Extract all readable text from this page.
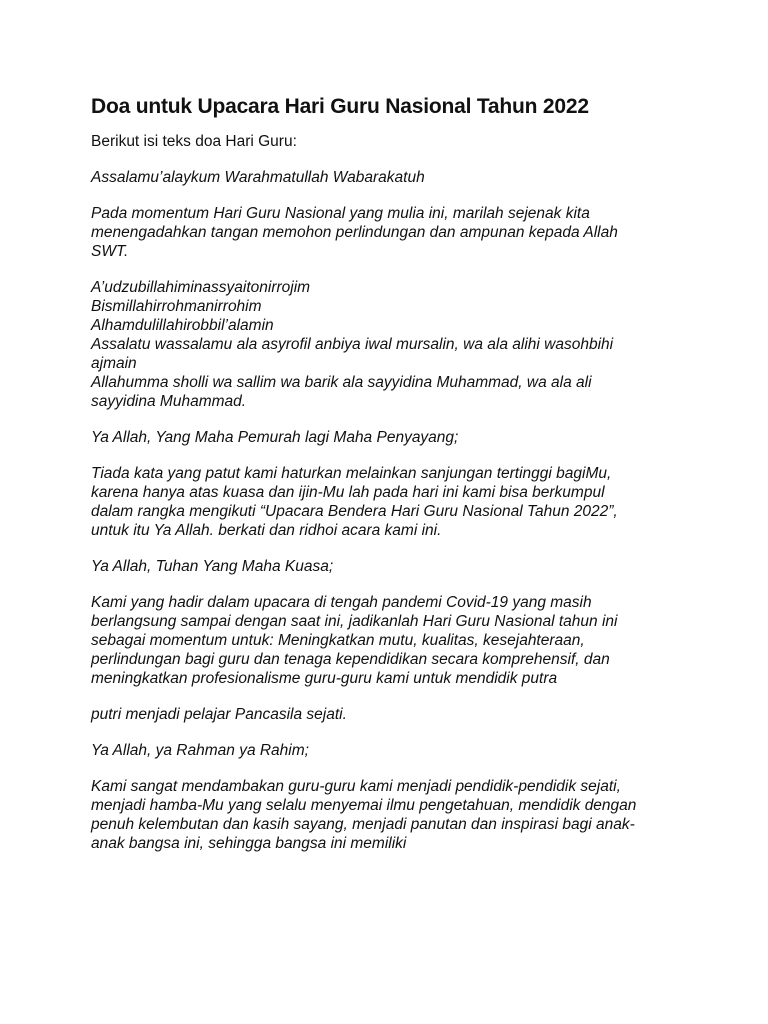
Doa untuk Upacara Hari Guru Nasional Tahun 2022

Berikut isi teks doa Hari Guru:

Assalamu’alaykum Warahmatullah Wabarakatuh

Pada momentum Hari Guru Nasional yang mulia ini, marilah sejenak kita
menengadahkan tangan memohon perlindungan dan ampunan kepada Allah
SWT.

A’udzubillahiminassyaitonirrojim
Bismillahirrohmanirrohim
Alhamdulillahirobbil’alamin
Assalatu wassalamu ala asyrofil anbiya iwal mursalin, wa ala alihi wasohbihi
ajmain
Allahumma sholli wa sallim wa barik ala sayyidina Muhammad, wa ala ali
sayyidina Muhammad.

Ya Allah, Yang Maha Pemurah lagi Maha Penyayang;

Tiada kata yang patut kami haturkan melainkan sanjungan tertinggi bagiMu,
karena hanya atas kuasa dan ijin-Mu lah pada hari ini kami bisa berkumpul
dalam rangka mengikuti “Upacara Bendera Hari Guru Nasional Tahun 2022”,
untuk itu Ya Allah. berkati dan ridhoi acara kami ini.

Ya Allah, Tuhan Yang Maha Kuasa;

Kami yang hadir dalam upacara di tengah pandemi Covid-19 yang masih
berlangsung sampai dengan saat ini, jadikanlah Hari Guru Nasional tahun ini
sebagai momentum untuk: Meningkatkan mutu, kualitas, kesejahteraan,
perlindungan bagi guru dan tenaga kependidikan secara komprehensif, dan
meningkatkan profesionalisme guru-guru kami untuk mendidik putra

putri menjadi pelajar Pancasila sejati.

Ya Allah, ya Rahman ya Rahim;

Kami sangat mendambakan guru-guru kami menjadi pendidik-pendidik sejati,
menjadi hamba-Mu yang selalu menyemai ilmu pengetahuan, mendidik dengan
penuh kelembutan dan kasih sayang, menjadi panutan dan inspirasi bagi anak-
anak bangsa ini, sehingga bangsa ini memiliki
